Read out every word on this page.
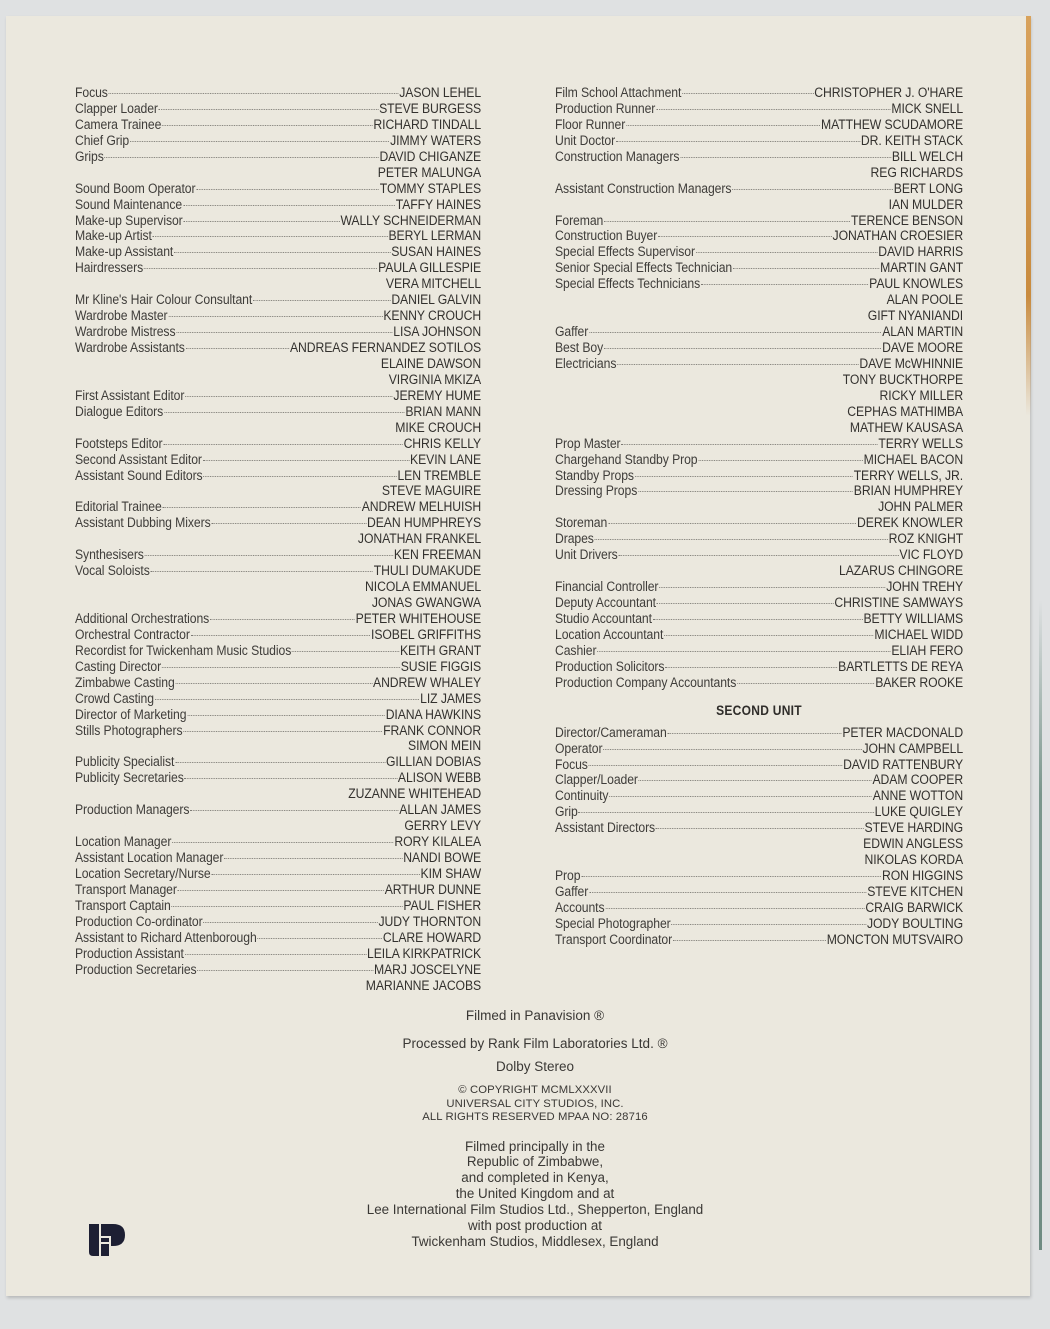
Focus	JASON LEHEL
Clapper Loader	STEVE BURGESS
Camera Trainee	RICHARD TINDALL
Chief Grip	JIMMY WATERS
Grips	DAVID CHIGANZE
PETER MALUNGA
Sound Boom Operator	TOMMY STAPLES
Sound Maintenance	TAFFY HAINES
Make-up Supervisor	WALLY SCHNEIDERMAN
Make-up Artist	BERYL LERMAN
Make-up Assistant	SUSAN HAINES
Hairdressers	PAULA GILLESPIE
VERA MITCHELL
Mr Kline's Hair Colour Consultant	DANIEL GALVIN
Wardrobe Master	KENNY CROUCH
Wardrobe Mistress	LISA JOHNSON
Wardrobe Assistants	ANDREAS FERNANDEZ SOTILOS
ELAINE DAWSON
VIRGINIA MKIZA
First Assistant Editor	JEREMY HUME
Dialogue Editors	BRIAN MANN
MIKE CROUCH
Footsteps Editor	CHRIS KELLY
Second Assistant Editor	KEVIN LANE
Assistant Sound Editors	LEN TREMBLE
STEVE MAGUIRE
Editorial Trainee	ANDREW MELHUISH
Assistant Dubbing Mixers	DEAN HUMPHREYS
JONATHAN FRANKEL
Synthesisers	KEN FREEMAN
Vocal Soloists	THULI DUMAKUDE
NICOLA EMMANUEL
JONAS GWANGWA
Additional Orchestrations	PETER WHITEHOUSE
Orchestral Contractor	ISOBEL GRIFFITHS
Recordist for Twickenham Music Studios	KEITH GRANT
Casting Director	SUSIE FIGGIS
Zimbabwe Casting	ANDREW WHALEY
Crowd Casting	LIZ JAMES
Director of Marketing	DIANA HAWKINS
Stills Photographers	FRANK CONNOR
SIMON MEIN
Publicity Specialist	GILLIAN DOBIAS
Publicity Secretaries	ALISON WEBB
ZUZANNE WHITEHEAD
Production Managers	ALLAN JAMES
GERRY LEVY
Location Manager	RORY KILALEA
Assistant Location Manager	NANDI BOWE
Location Secretary/Nurse	KIM SHAW
Transport Manager	ARTHUR DUNNE
Transport Captain	PAUL FISHER
Production Co-ordinator	JUDY THORNTON
Assistant to Richard Attenborough	CLARE HOWARD
Production Assistant	LEILA KIRKPATRICK
Production Secretaries	MARJ JOSCELYNE
MARIANNE JACOBS
Film School Attachment	CHRISTOPHER J. O'HARE
Production Runner	MICK SNELL
Floor Runner	MATTHEW SCUDAMORE
Unit Doctor	DR. KEITH STACK
Construction Managers	BILL WELCH
REG RICHARDS
Assistant Construction Managers	BERT LONG
IAN MULDER
Foreman	TERENCE BENSON
Construction Buyer	JONATHAN CROESIER
Special Effects Supervisor	DAVID HARRIS
Senior Special Effects Technician	MARTIN GANT
Special Effects Technicians	PAUL KNOWLES
ALAN POOLE
GIFT NYANIANDI
Gaffer	ALAN MARTIN
Best Boy	DAVE MOORE
Electricians	DAVE McWHINNIE
TONY BUCKTHORPE
RICKY MILLER
CEPHAS MATHIMBA
MATHEW KAUSASA
Prop Master	TERRY WELLS
Chargehand Standby Prop	MICHAEL BACON
Standby Props	TERRY WELLS, JR.
Dressing Props	BRIAN HUMPHREY
JOHN PALMER
Storeman	DEREK KNOWLER
Drapes	ROZ KNIGHT
Unit Drivers	VIC FLOYD
LAZARUS CHINGORE
Financial Controller	JOHN TREHY
Deputy Accountant	CHRISTINE SAMWAYS
Studio Accountant	BETTY WILLIAMS
Location Accountant	MICHAEL WIDD
Cashier	ELIAH FERO
Production Solicitors	BARTLETTS DE REYA
Production Company Accountants	BAKER ROOKE
SECOND UNIT
Director/Cameraman	PETER MACDONALD
Operator	JOHN CAMPBELL
Focus	DAVID RATTENBURY
Clapper/Loader	ADAM COOPER
Continuity	ANNE WOTTON
Grip	LUKE QUIGLEY
Assistant Directors	STEVE HARDING
EDWIN ANGLESS
NIKOLAS KORDA
Prop	RON HIGGINS
Gaffer	STEVE KITCHEN
Accounts	CRAIG BARWICK
Special Photographer	JODY BOULTING
Transport Coordinator	MONCTON MUTSVAIRO
Filmed in Panavision ®
Processed by Rank Film Laboratories Ltd. ®
Dolby Stereo
© COPYRIGHT MCMLXXXVII
UNIVERSAL CITY STUDIOS, INC.
ALL RIGHTS RESERVED MPAA NO: 28716
Filmed principally in the
Republic of Zimbabwe,
and completed in Kenya,
the United Kingdom and at
Lee International Film Studios Ltd., Shepperton, England
with post production at
Twickenham Studios, Middlesex, England
